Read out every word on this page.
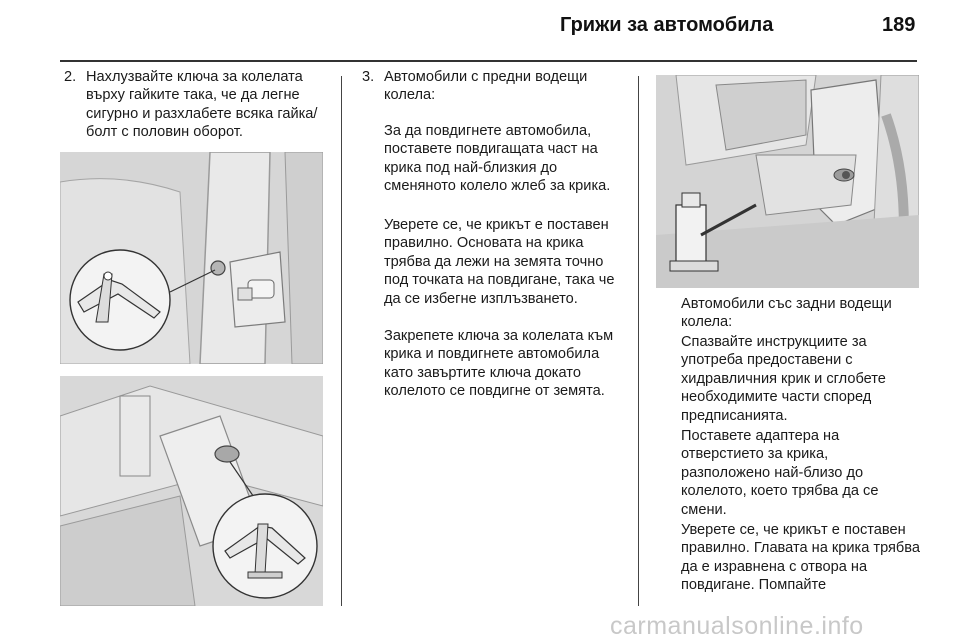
Грижи за автомобила	189
2. Нахлузвайте ключа за колелата върху гайките така, че да легне сигурно и разхлабете всяка гайка/болт с половин оборот.
3. Автомобили с предни водещи колела:
За да повдигнете автомобила, поставете повдигащата част на крика под най-близкия до сменяното колело жлеб за крика.
Уверете се, че крикът е поставен правилно. Основата на крика трябва да лежи на земята точно под точката на повдигане, така че да се избегне изплъзването.
Закрепете ключа за колелата към крика и повдигнете автомобила като завъртите ключа докато колелото се повдигне от земята.
Автомобили със задни водещи колела:
Спазвайте инструкциите за употреба предоставени с хидравличния крик и сглобете необходимите части според предписанията.
Поставете адаптера на отверстието за крика, разположено най-близо до колелото, което трябва да се смени.
Уверете се, че крикът е поставен правилно. Главата на крика трябва да е изравнена с отвора на повдигане. Помпайте
carmanualsonline.info
